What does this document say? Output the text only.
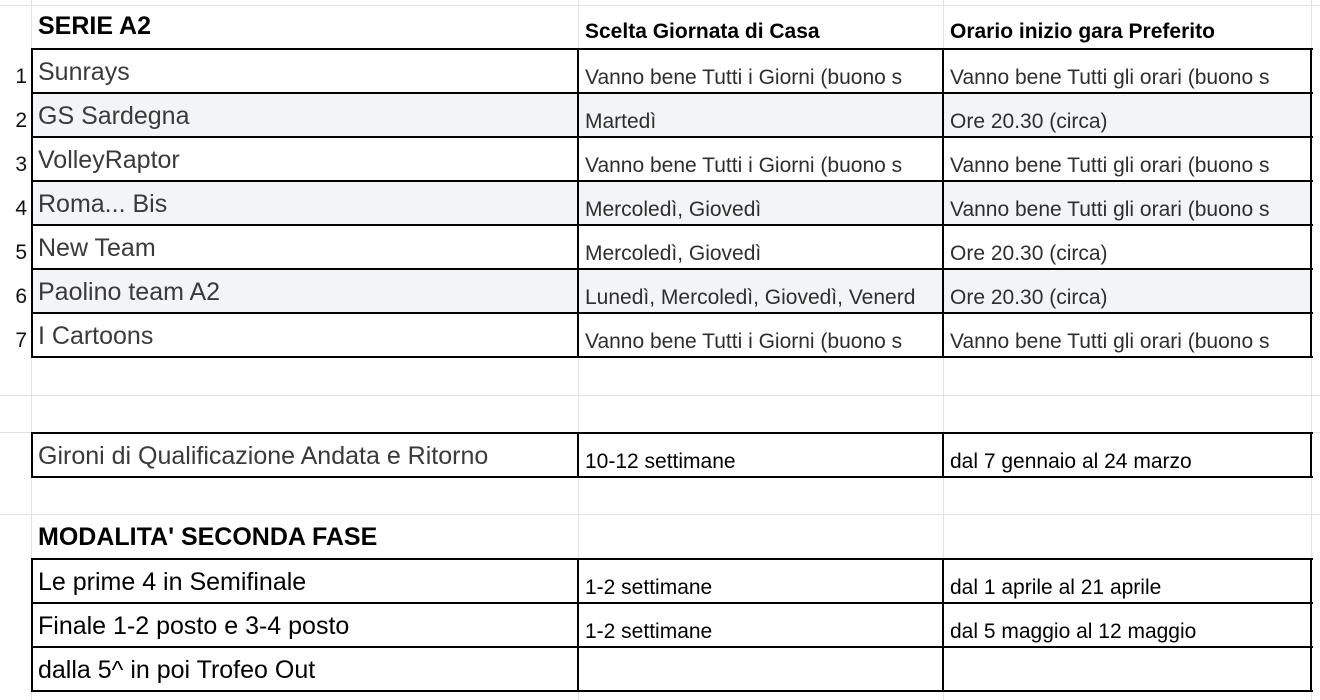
SERIE A2	Scelta Giornata di Casa	Orario inizio gara Preferito
1 Sunrays	Vanno bene Tutti i Giorni (buono s	Vanno bene Tutti gli orari (buono s
2 GS Sardegna	Martedì	Ore 20.30 (circa)
3 VolleyRaptor	Vanno bene Tutti i Giorni (buono s	Vanno bene Tutti gli orari (buono s
4 Roma... Bis	Mercoledì, Giovedì	Vanno bene Tutti gli orari (buono s
5 New Team	Mercoledì, Giovedì	Ore 20.30 (circa)
6 Paolino team A2	Lunedì, Mercoledì, Giovedì, Venerd	Ore 20.30 (circa)
7 I Cartoons	Vanno bene Tutti i Giorni (buono s	Vanno bene Tutti gli orari (buono s
Gironi di Qualificazione Andata e Ritorno	10-12 settimane	dal 7 gennaio al 24 marzo
MODALITA' SECONDA FASE
Le prime 4 in Semifinale	1-2 settimane	dal 1 aprile al 21 aprile
Finale 1-2 posto e 3-4 posto	1-2 settimane	dal 5 maggio al 12 maggio
dalla 5^ in poi Trofeo Out
